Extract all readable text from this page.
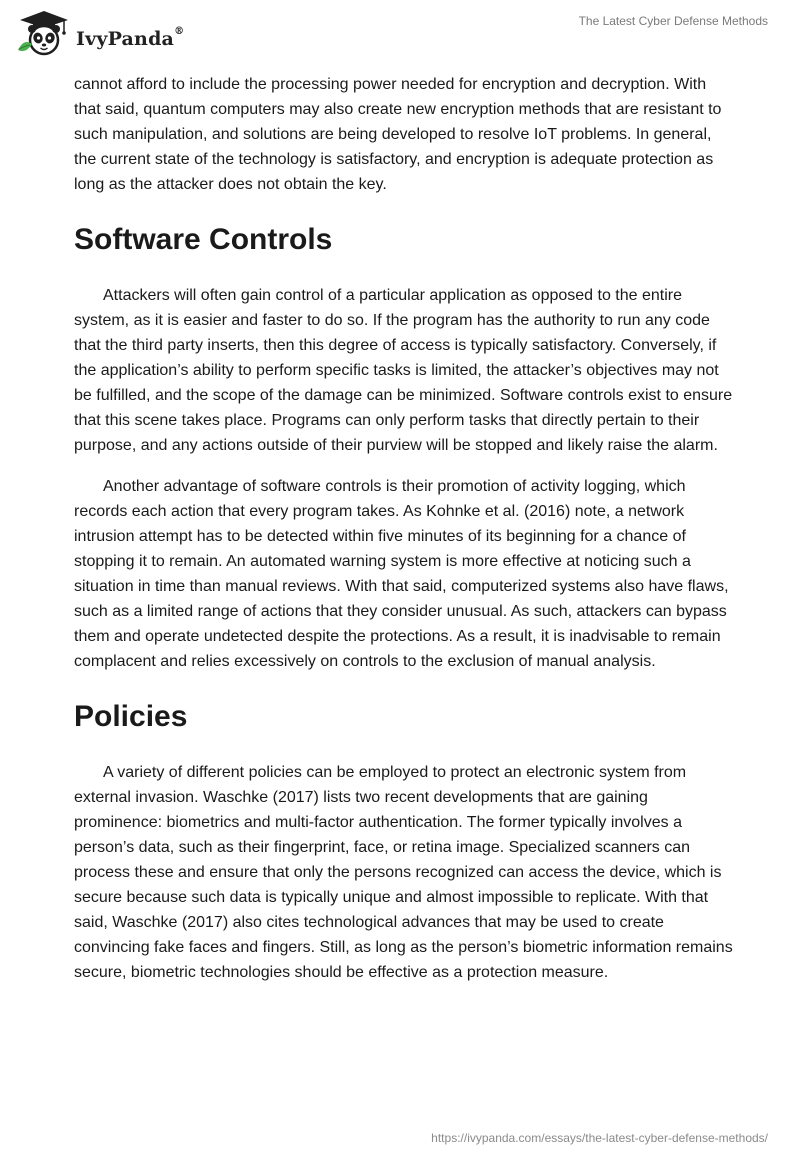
IvyPanda®
The Latest Cyber Defense Methods

cannot afford to include the processing power needed for encryption and decryption. With that said, quantum computers may also create new encryption methods that are resistant to such manipulation, and solutions are being developed to resolve IoT problems. In general, the current state of the technology is satisfactory, and encryption is adequate protection as long as the attacker does not obtain the key.

Software Controls

Attackers will often gain control of a particular application as opposed to the entire system, as it is easier and faster to do so. If the program has the authority to run any code that the third party inserts, then this degree of access is typically satisfactory. Conversely, if the application’s ability to perform specific tasks is limited, the attacker’s objectives may not be fulfilled, and the scope of the damage can be minimized. Software controls exist to ensure that this scene takes place. Programs can only perform tasks that directly pertain to their purpose, and any actions outside of their purview will be stopped and likely raise the alarm.

Another advantage of software controls is their promotion of activity logging, which records each action that every program takes. As Kohnke et al. (2016) note, a network intrusion attempt has to be detected within five minutes of its beginning for a chance of stopping it to remain. An automated warning system is more effective at noticing such a situation in time than manual reviews. With that said, computerized systems also have flaws, such as a limited range of actions that they consider unusual. As such, attackers can bypass them and operate undetected despite the protections. As a result, it is inadvisable to remain complacent and relies excessively on controls to the exclusion of manual analysis.

Policies

A variety of different policies can be employed to protect an electronic system from external invasion. Waschke (2017) lists two recent developments that are gaining prominence: biometrics and multi-factor authentication. The former typically involves a person’s data, such as their fingerprint, face, or retina image. Specialized scanners can process these and ensure that only the persons recognized can access the device, which is secure because such data is typically unique and almost impossible to replicate. With that said, Waschke (2017) also cites technological advances that may be used to create convincing fake faces and fingers. Still, as long as the person’s biometric information remains secure, biometric technologies should be effective as a protection measure.

https://ivypanda.com/essays/the-latest-cyber-defense-methods/
